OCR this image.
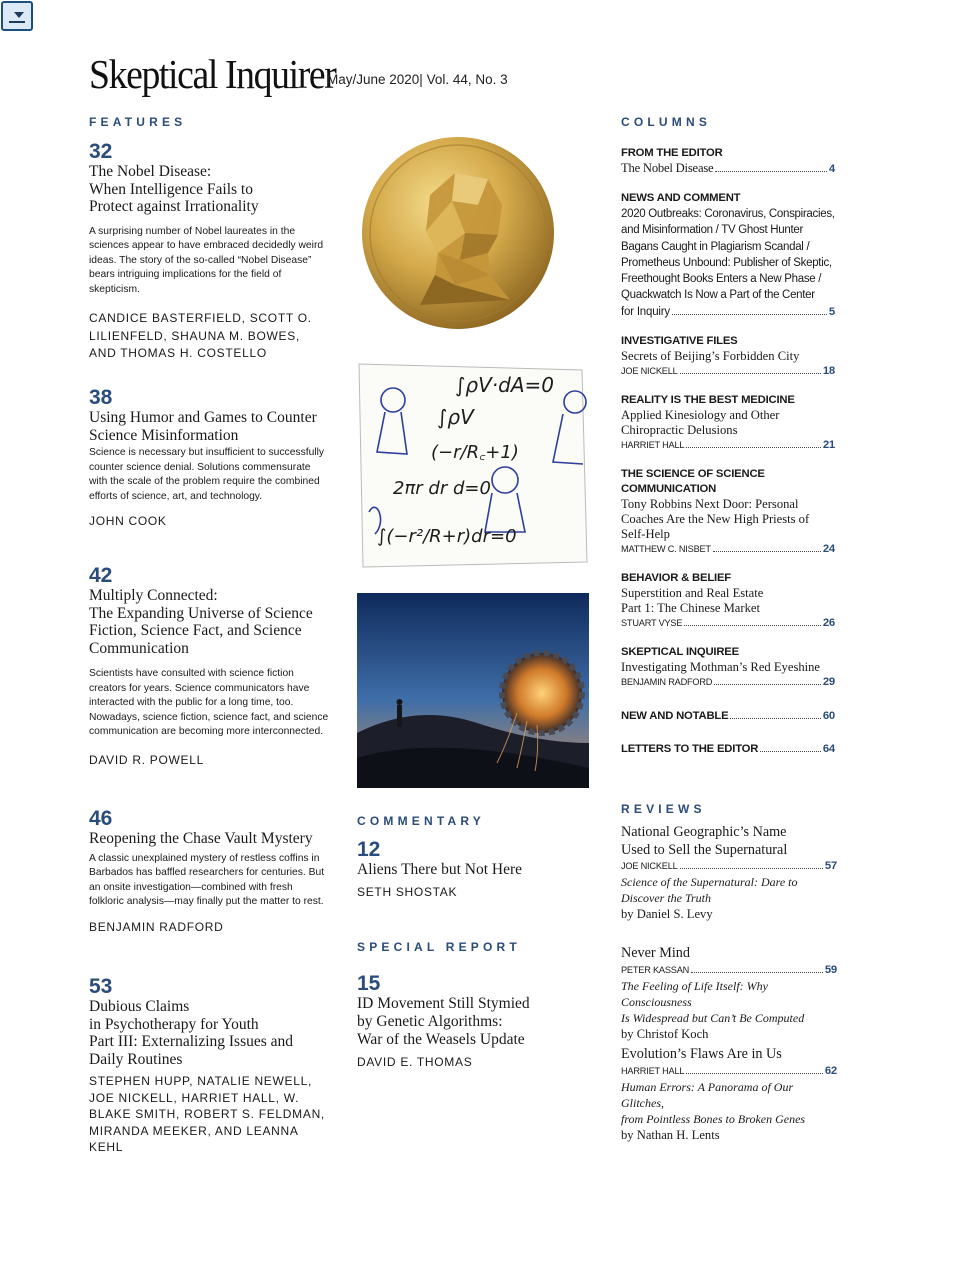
Skeptical Inquirer
May/June 2020| Vol. 44, No. 3
FEATURES	COLUMNS
COMMENTARY
SPECIAL REPORT
REVIEWS
32
The Nobel Disease:
When Intelligence Fails to
Protect against Irrationality
A surprising number of Nobel laureates in the sciences appear to have embraced decidedly weird ideas. The story of the so-called “Nobel Disease” bears intriguing implications for the field of skepticism.
CANDICE BASTERFIELD, SCOTT O. LILIENFELD, SHAUNA M. BOWES, AND THOMAS H. COSTELLO
38
Using Humor and Games to Counter
Science Misinformation
Science is necessary but insufficient to successfully counter science denial. Solutions commensurate with the scale of the problem require the combined efforts of science, art, and technology.
JOHN COOK
42
Multiply Connected:
The Expanding Universe of Science
Fiction, Science Fact, and Science
Communication
Scientists have consulted with science fiction creators for years. Science communicators have interacted with the public for a long time, too. Nowadays, science fiction, science fact, and science communication are becoming more interconnected.
DAVID R. POWELL
46
Reopening the Chase Vault Mystery
A classic unexplained mystery of restless coffins in Barbados has baffled researchers for centuries. But an onsite investigation—combined with fresh folkloric analysis—may finally put the matter to rest.
BENJAMIN RADFORD
53
Dubious Claims
in Psychotherapy for Youth
Part III: Externalizing Issues and
Daily Routines
STEPHEN HUPP, NATALIE NEWELL, JOE NICKELL, HARRIET HALL, W. BLAKE SMITH, ROBERT S. FELDMAN, MIRANDA MEEKER, AND LEANNA KEHL
∫ρV·dA=0
∫ρV
(−r/R꜀+1)
2πr dr d=0
∫(−r²/R+r)dr=0
12
Aliens There but Not Here
SETH SHOSTAK
15
ID Movement Still Stymied
by Genetic Algorithms:
War of the Weasels Update
DAVID E. THOMAS
FROM THE EDITOR
The Nobel Disease	4
NEWS AND COMMENT
2020 Outbreaks: Coronavirus, Conspiracies, and Misinformation / TV Ghost Hunter Bagans Caught in Plagiarism Scandal / Prometheus Unbound: Publisher of Skeptic, Freethought Books Enters a New Phase / Quackwatch Is Now a Part of the Center
for Inquiry	5
INVESTIGATIVE FILES
Secrets of Beijing’s Forbidden City
JOE NICKELL	18
REALITY IS THE BEST MEDICINE
Applied Kinesiology and Other
Chiropractic Delusions
HARRIET HALL	21
THE SCIENCE OF SCIENCE
COMMUNICATION
Tony Robbins Next Door: Personal
Coaches Are the New High Priests of
Self-Help
MATTHEW C. NISBET	24
BEHAVIOR & BELIEF
Superstition and Real Estate
Part 1: The Chinese Market
STUART VYSE	26
SKEPTICAL INQUIREE
Investigating Mothman’s Red Eyeshine
BENJAMIN RADFORD	29
NEW AND NOTABLE	60
LETTERS TO THE EDITOR	64
National Geographic’s Name
Used to Sell the Supernatural
JOE NICKELL	57
Science of the Supernatural: Dare to
Discover the Truth
by Daniel S. Levy
Never Mind
PETER KASSAN	59
The Feeling of Life Itself: Why Consciousness
Is Widespread but Can’t Be Computed
by Christof Koch
Evolution’s Flaws Are in Us
HARRIET HALL	62
Human Errors: A Panorama of Our Glitches,
from Pointless Bones to Broken Genes
by Nathan H. Lents
